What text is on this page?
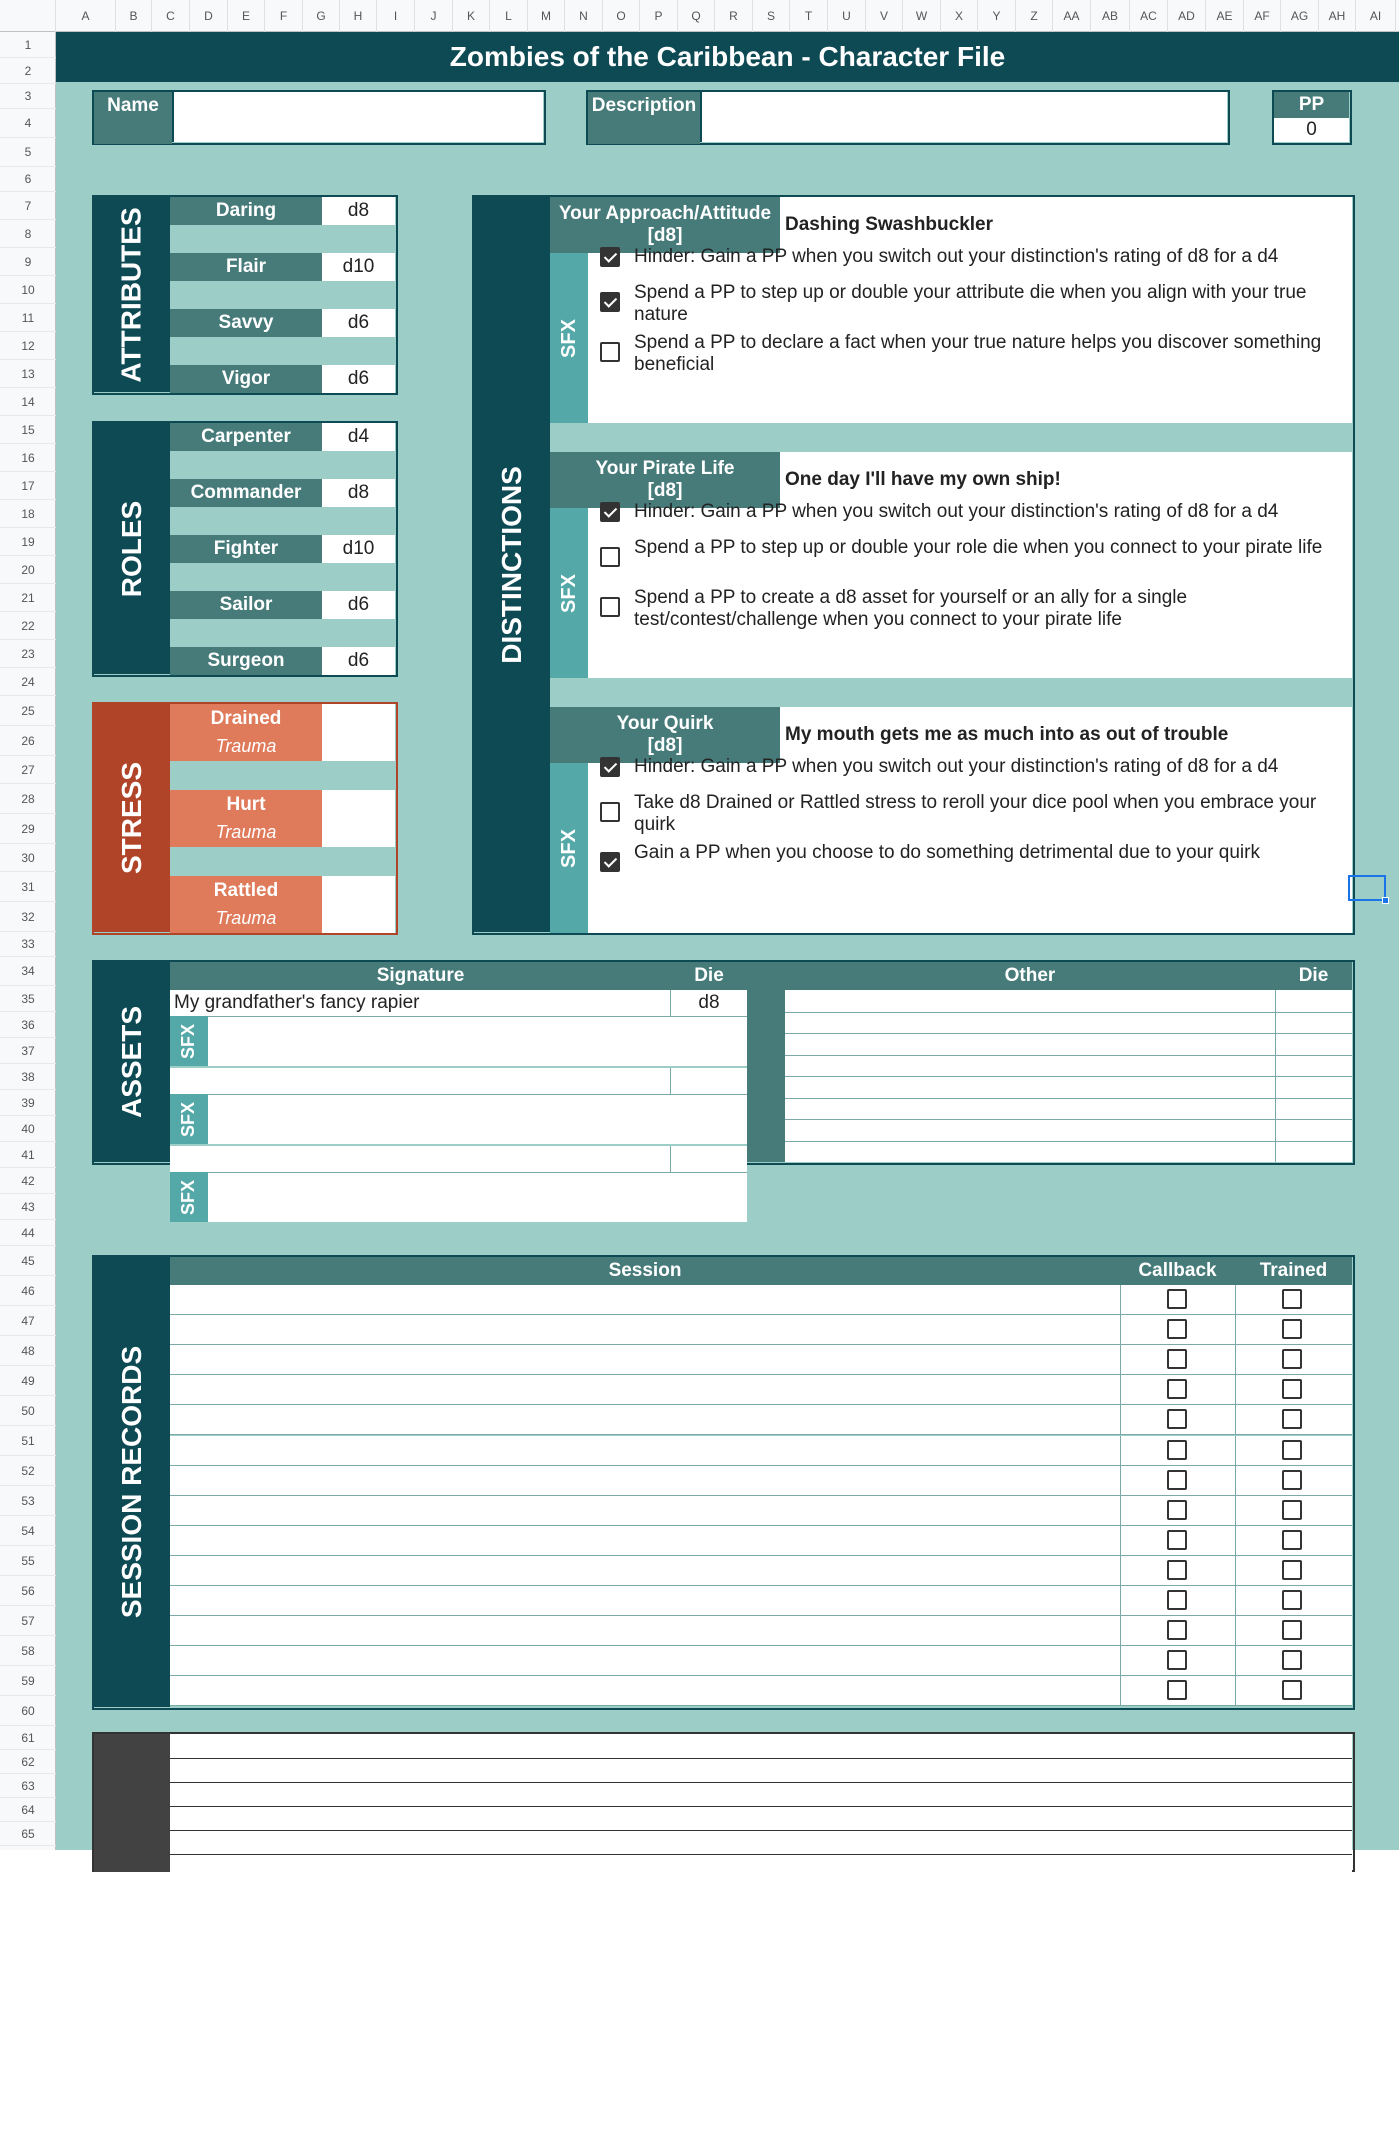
A	B	C	D	E	F	G	H	I	J	K	L	M	N	O	P	Q	R	S	T	U	V	W	X	Y	Z	AA	AB	AC	AD	AE	AF	AG	AH	AI
1
2
3
4
5
6
7
8
9
10
11
12
13
14
15
16
17
18
19
20
21
22
23
24
25
26
27
28
29
30
31
32
33
34
35
36
37
38
39
40
41
42
43
44
45
46
47
48
49
50
51
52
53
54
55
56
57
58
59
60
61
62
63
64
65
Zombies of the Caribbean - Character File
Name	Description	PP
0
ATTRIBUTES	Daring	d8
Flair	d10
Savvy	d6
Vigor	d6
ROLES
Carpenter	d4
Commander	d8
Fighter	d10
Sailor	d6
Surgeon	d6
STRESS
Drained
Trauma
Hurt
Trauma
Rattled
Trauma
DISTINCTIONS
Your Approach/Attitude
[d8]
Dashing Swashbuckler
SFX
Hinder: Gain a PP when you switch out your distinction's rating of d8 for a d4
Spend a PP to step up or double your attribute die when you align with your true nature
Spend a PP to declare a fact when your true nature helps you discover something beneficial
Your Pirate Life
[d8]
One day I'll have my own ship!
SFX
Hinder: Gain a PP when you switch out your distinction's rating of d8 for a d4
Spend a PP to step up or double your role die when you connect to your pirate life
Spend a PP to create a d8 asset for yourself or an ally for a single test/contest/challenge when you connect to your pirate life
Your Quirk
[d8]
My mouth gets me as much into as out of trouble
SFX
Hinder: Gain a PP when you switch out your distinction's rating of d8 for a d4
Take d8 Drained or Rattled stress to reroll your dice pool when you embrace your quirk
Gain a PP when you choose to do something detrimental due to your quirk
ASSETS
Signature	Die	Other	Die
My grandfather's fancy rapier	d8
SFX
SFX
SFX
SESSION RECORDS
Session	Callback	Trained
NOTES
